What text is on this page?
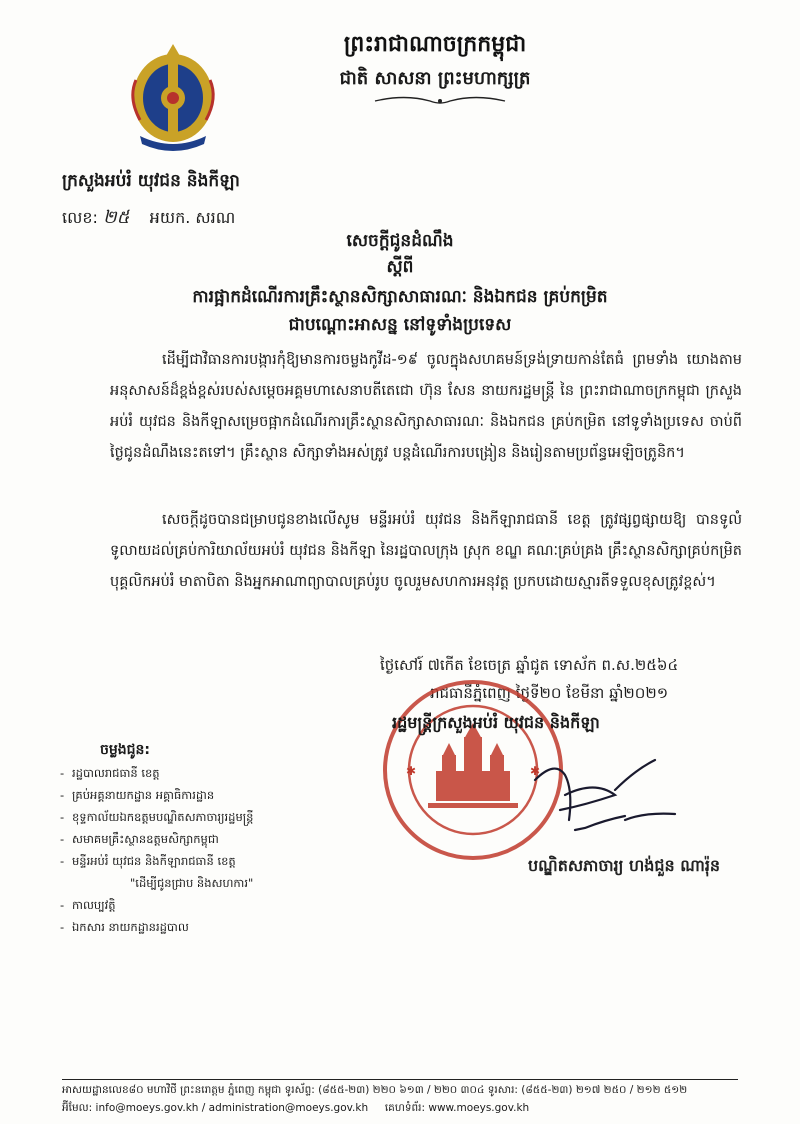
ព្រះរាជាណាចក្រកម្ពុជា
ជាតិ សាសនា ព្រះមហាក្សត្រ
ក្រសួងអប់រំ យុវជន និងកីឡា
លេខ: ២៥ អយក. សរណ
សេចក្តីជូនដំណឹង
ស្តីពី
ការផ្អាកដំណើរការគ្រឹះស្ថានសិក្សាសាធារណៈ និងឯកជន គ្រប់កម្រិត
ជាបណ្តោះអាសន្ន នៅទូទាំងប្រទេស
ដើម្បីជាវិធានការបង្ការកុំឱ្យមានការចម្លងកូវីដ-១៩ ចូលក្នុងសហគមន៍ទ្រង់ទ្រាយកាន់តែធំ ព្រមទាំង យោងតាមអនុសាសន៍ដ៏ខ្ពង់ខ្ពស់របស់សម្តេចអគ្គមហាសេនាបតីតេជោ ហ៊ុន សែន នាយករដ្ឋមន្ត្រី នៃ ព្រះរាជាណាចក្រកម្ពុជា ក្រសួងអប់រំ យុវជន និងកីឡាសម្រេចផ្អាកដំណើរការគ្រឹះស្ថានសិក្សាសាធារណៈ និងឯកជន គ្រប់កម្រិត នៅទូទាំងប្រទេស ចាប់ពីថ្ងៃជូនដំណឹងនេះតទៅ។ គ្រឹះស្ថាន សិក្សាទាំងអស់ត្រូវ បន្តដំណើរការបង្រៀន និងរៀនតាមប្រព័ន្ធអេឡិចត្រូនិក។
សេចក្តីដូចបានជម្រាបជូនខាងលើសូម មន្ទីរអប់រំ យុវជន និងកីឡារាជធានី ខេត្ត ត្រូវផ្សព្វផ្សាយឱ្យ បានទូលំទូលាយដល់គ្រប់ការិយាល័យអប់រំ យុវជន និងកីឡា នៃរដ្ឋបាលក្រុង ស្រុក ខណ្ឌ គណៈគ្រប់គ្រង គ្រឹះស្ថានសិក្សាគ្រប់កម្រិត បុគ្គលិកអប់រំ មាតាបិតា និងអ្នកអាណាព្យាបាលគ្រប់រូប ចូលរួមសហការអនុវត្ត ប្រកបដោយស្មារតីទទួលខុសត្រូវខ្ពស់។
ថ្ងៃសៅរ៍ ៧កើត ខែចេត្រ ឆ្នាំជូត ទោស័ក ព.ស.២៥៦៤
រាជធានីភ្នំពេញ ថ្ងៃទី២០ ខែមីនា ឆ្នាំ២០២១
✱	✱
រដ្ឋមន្ត្រីក្រសួងអប់រំ យុវជន និងកីឡា
បណ្ឌិតសភាចារ្យ ហង់ជួន ណារ៉ុន
ចម្លងជូន:
- រដ្ឋបាលរាជធានី ខេត្ត
- គ្រប់អគ្គនាយកដ្ឋាន អគ្គាធិការដ្ឋាន
- ខុទ្ទកាល័យឯកឧត្តមបណ្ឌិតសភាចារ្យរដ្ឋមន្ត្រី
- សមាគមគ្រឹះស្ថានឧត្តមសិក្សាកម្ពុជា
- មន្ទីរអប់រំ យុវជន និងកីឡារាជធានី ខេត្ត
"ដើម្បីជូនជ្រាប និងសហការ"
- កាលប្បវត្តិ
- ឯកសារ នាយកដ្ឋានរដ្ឋបាល
អាសយដ្ឋានលេខ៨០ មហាវិថី ព្រះនរោត្តម ភ្នំពេញ កម្ពុជា ទូរស័ព្ទ: (៨៥៥-២៣) ២២០ ៦១៣ / ២២០ ៣០៤ ទូរសារ: (៨៥៥-២៣) ២១៧ ២៥០ / ២១២ ៥១២
អ៊ីមែល: info@moeys.gov.kh / administration@moeys.gov.kh គេហទំព័រ: www.moeys.gov.kh
